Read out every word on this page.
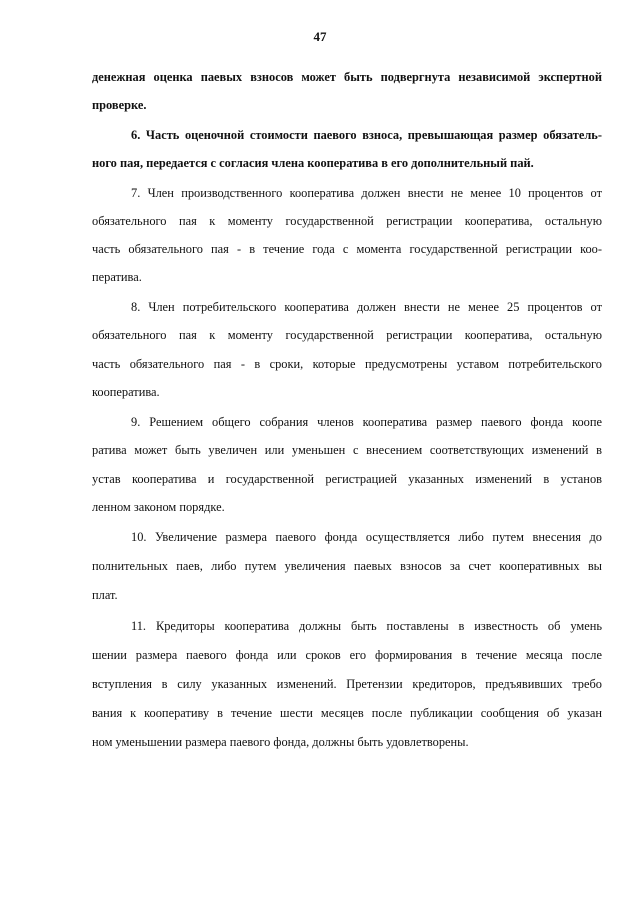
47
денежная оценка паевых взносов может быть подвергнута независимой экспертной
проверке.
6. Часть оценочной стоимости паевого взноса, превышающая размер обязатель-
ного пая, передается с согласия члена кооператива в его дополнительный пай.
7. Член производственного кооператива должен внести не менее 10 процентов от
обязательного пая к моменту государственной регистрации кооператива, остальную
часть обязательного пая - в течение года с момента государственной регистрации коо-
ператива.
8. Член потребительского кооператива должен внести не менее 25 процентов от
обязательного пая к моменту государственной регистрации кооператива, остальную
часть обязательного пая - в сроки, которые предусмотрены уставом потребительского
кооператива.
9. Решением общего собрания членов кооператива размер паевого фонда коопе
ратива может быть увеличен или уменьшен с внесением соответствующих изменений в
устав кооператива и государственной регистрацией указанных изменений в установ
ленном законом порядке.
10. Увеличение размера паевого фонда осуществляется либо путем внесения до
полнительных паев, либо путем увеличения паевых взносов за счет кооперативных вы
плат.
11. Кредиторы кооператива должны быть поставлены в известность об умень
шении размера паевого фонда или сроков его формирования в течение месяца после
вступления в силу указанных изменений. Претензии кредиторов, предъявивших требо
вания к кооперативу в течение шести месяцев после публикации сообщения об указан
ном уменьшении размера паевого фонда, должны быть удовлетворены.
